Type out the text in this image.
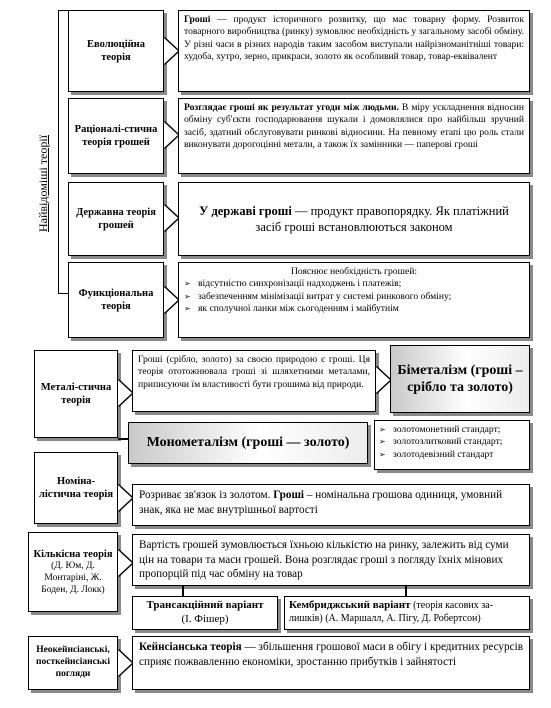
Найвідоміші теорії
Еволюційна теорія
Гроші — продукт історичного розвитку, що має товарну форму. Розвиток товарного виробництва (ринку) зумовлює необхідність у загальному засобі обміну. У різні часи в різних народів таким засобом виступали найрізноманітніші товари: худоба, хутро, зерно, прикраси, золото як особливий товар, товар-еквівалент
Раціоналі-стична теорія грошей
Розглядає гроші як результат угоди між людьми. В міру ускладнення відносин обміну суб'єкти господарювання шукали і домовлялися про найбільш зручний засіб, здатний обслуговувати ринкові відносини. На певному етапі цю роль стали виконувати дорогоцінні метали, а також їх замінники — паперові гроші
Державна теорія грошей
У державі гроші — продукт правопорядку. Як платіжний засіб гроші встановлюються законом
Функціональна теорія
Пояснює необхідність грошей:
➢ відсутністю синхронізації надходжень і платежів;
➢ забезпеченням мінімізації витрат у системі ринкового обміну;
➢ як сполучної ланки між сьогоденням і майбутнім
Металі-стична теорія
Гроші (срібло, золото) за своєю природою є гроші. Ця теорія ототожнювала гроші зі шляхетними металами, приписуючи їм властивості бути грошима від природи.
Біметалізм (гроші – срібло та золото)
Монометалізм (гроші — золото)
➢ золотомонетний стандарт;
➢ золотозлитковий стандарт;
➢ золотодевізний стандарт
Номіна-лістична теорія	Розриває зв'язок із золотом. Гроші – номінальна грошова одиниця, умовний знак, яка не має внутрішньої вартості
Кількісна теорія
(Д. Юм, Д. Монтаріні, Ж. Боден, Д. Локк)
Вартість грошей зумовлюється їхньою кількістю на ринку, залежить від суми цін на товари та маси грошей. Вона розглядає гроші з погляду їхніх мінових пропорцій під час обміну на товар
Трансакційний варіант
(І. Фішер)
Кембриджський варіант (теорія касових за-лишків) (А. Маршалл, А. Пігу, Д. Робертсон)
Неокейнсіанські, посткейнсіанські погляди
Кейнсіанська теорія — збільшення грошової маси в обігу і кредитних ресурсів сприяє пожвавленню економіки, зростанню прибутків і зайнятості
